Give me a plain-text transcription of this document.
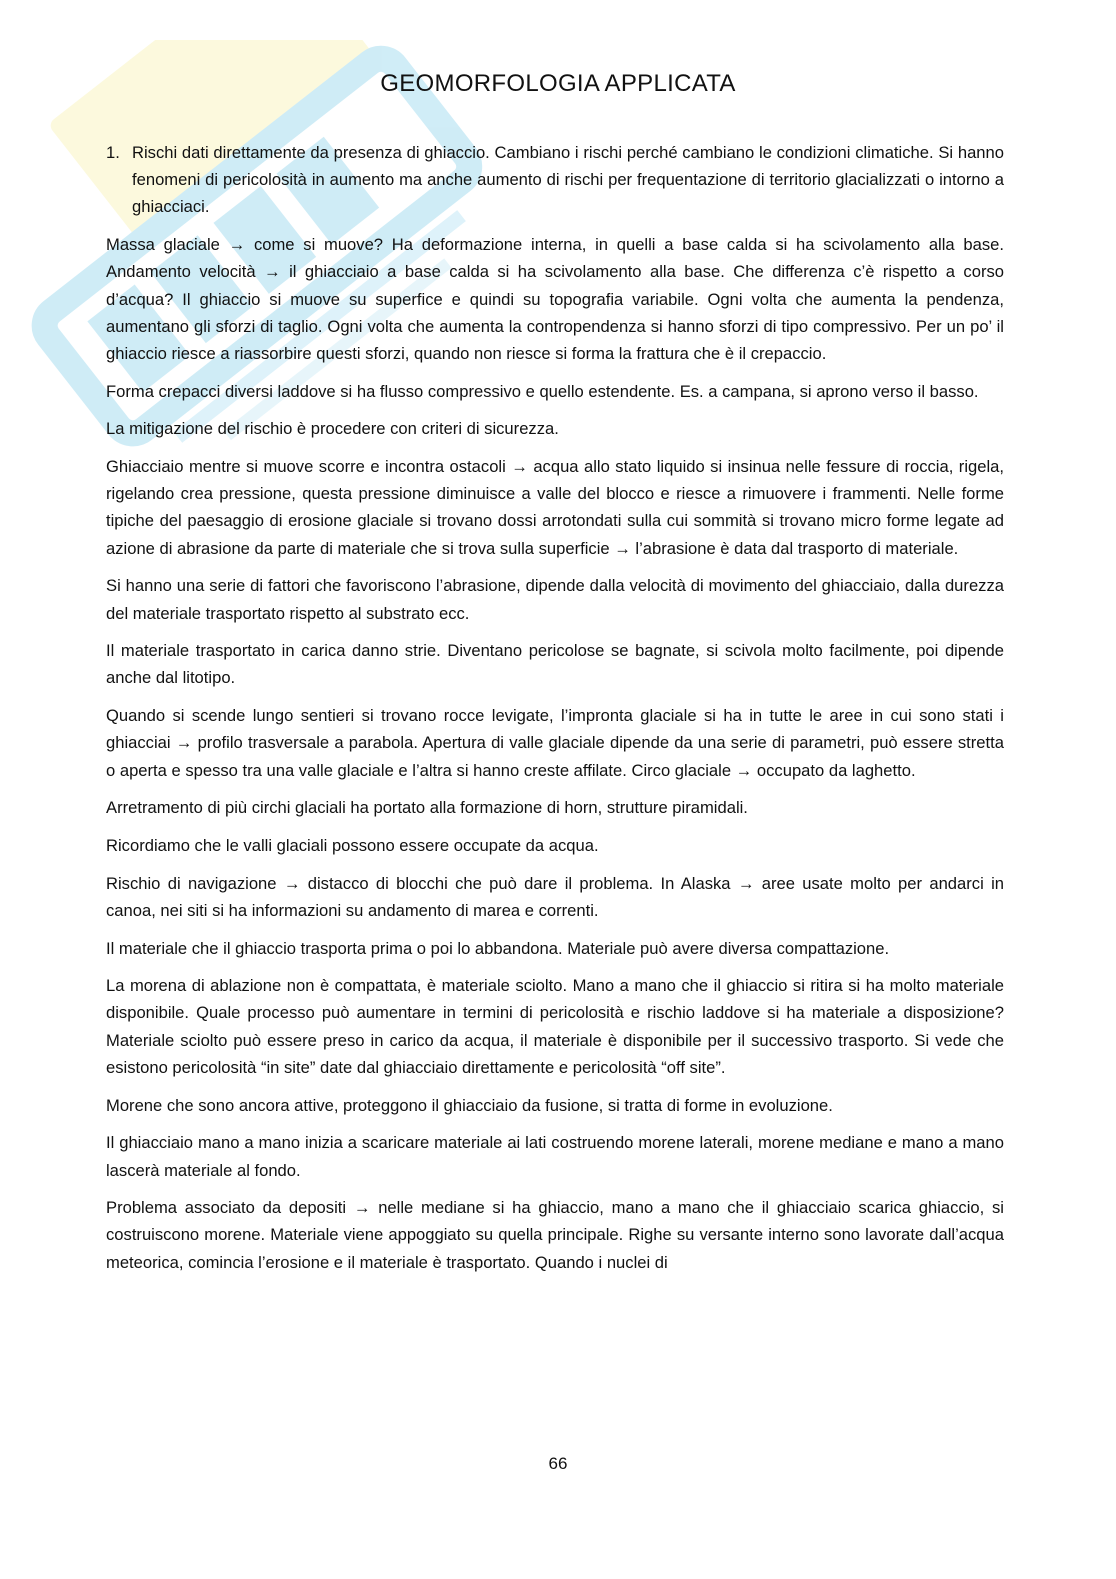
GEOMORFOLOGIA APPLICATA
1. Rischi dati direttamente da presenza di ghiaccio. Cambiano i rischi perché cambiano le condizioni climatiche. Si hanno fenomeni di pericolosità in aumento ma anche aumento di rischi per frequentazione di territorio glacializzati o intorno a ghiacciaci.

Massa glaciale → come si muove? Ha deformazione interna, in quelli a base calda si ha scivolamento alla base. Andamento velocità → il ghiacciaio a base calda si ha scivolamento alla base. Che differenza c’è rispetto a corso d’acqua? Il ghiaccio si muove su superfice e quindi su topografia variabile. Ogni volta che aumenta la pendenza, aumentano gli sforzi di taglio. Ogni volta che aumenta la contropendenza si hanno sforzi di tipo compressivo. Per un po’ il ghiaccio riesce a riassorbire questi sforzi, quando non riesce si forma la frattura che è il crepaccio.

Forma crepacci diversi laddove si ha flusso compressivo e quello estendente. Es. a campana, si aprono verso il basso.

La mitigazione del rischio è procedere con criteri di sicurezza.

Ghiacciaio mentre si muove scorre e incontra ostacoli → acqua allo stato liquido si insinua nelle fessure di roccia, rigela, rigelando crea pressione, questa pressione diminuisce a valle del blocco e riesce a rimuovere i frammenti. Nelle forme tipiche del paesaggio di erosione glaciale si trovano dossi arrotondati sulla cui sommità si trovano micro forme legate ad azione di abrasione da parte di materiale che si trova sulla superficie → l’abrasione è data dal trasporto di materiale.

Si hanno una serie di fattori che favoriscono l’abrasione, dipende dalla velocità di movimento del ghiacciaio, dalla durezza del materiale trasportato rispetto al substrato ecc.

Il materiale trasportato in carica danno strie. Diventano pericolose se bagnate, si scivola molto facilmente, poi dipende anche dal litotipo.

Quando si scende lungo sentieri si trovano rocce levigate, l’impronta glaciale si ha in tutte le aree in cui sono stati i ghiacciai → profilo trasversale a parabola. Apertura di valle glaciale dipende da una serie di parametri, può essere stretta o aperta e spesso tra una valle glaciale e l’altra si hanno creste affilate. Circo glaciale → occupato da laghetto.

Arretramento di più circhi glaciali ha portato alla formazione di horn, strutture piramidali.

Ricordiamo che le valli glaciali possono essere occupate da acqua.

Rischio di navigazione → distacco di blocchi che può dare il problema. In Alaska → aree usate molto per andarci in canoa, nei siti si ha informazioni su andamento di marea e correnti.

Il materiale che il ghiaccio trasporta prima o poi lo abbandona. Materiale può avere diversa compattazione.

La morena di ablazione non è compattata, è materiale sciolto. Mano a mano che il ghiaccio si ritira si ha molto materiale disponibile. Quale processo può aumentare in termini di pericolosità e rischio laddove si ha materiale a disposizione? Materiale sciolto può essere preso in carico da acqua, il materiale è disponibile per il successivo trasporto. Si vede che esistono pericolosità “in site” date dal ghiacciaio direttamente e pericolosità “off site”.

Morene che sono ancora attive, proteggono il ghiacciaio da fusione, si tratta di forme in evoluzione.

Il ghiacciaio mano a mano inizia a scaricare materiale ai lati costruendo morene laterali, morene mediane e mano a mano lascerà materiale al fondo.

Problema associato da depositi → nelle mediane si ha ghiaccio, mano a mano che il ghiacciaio scarica ghiaccio, si costruiscono morene. Materiale viene appoggiato su quella principale. Righe su versante interno sono lavorate dall’acqua meteorica, comincia l’erosione e il materiale è trasportato. Quando i nuclei di

66
